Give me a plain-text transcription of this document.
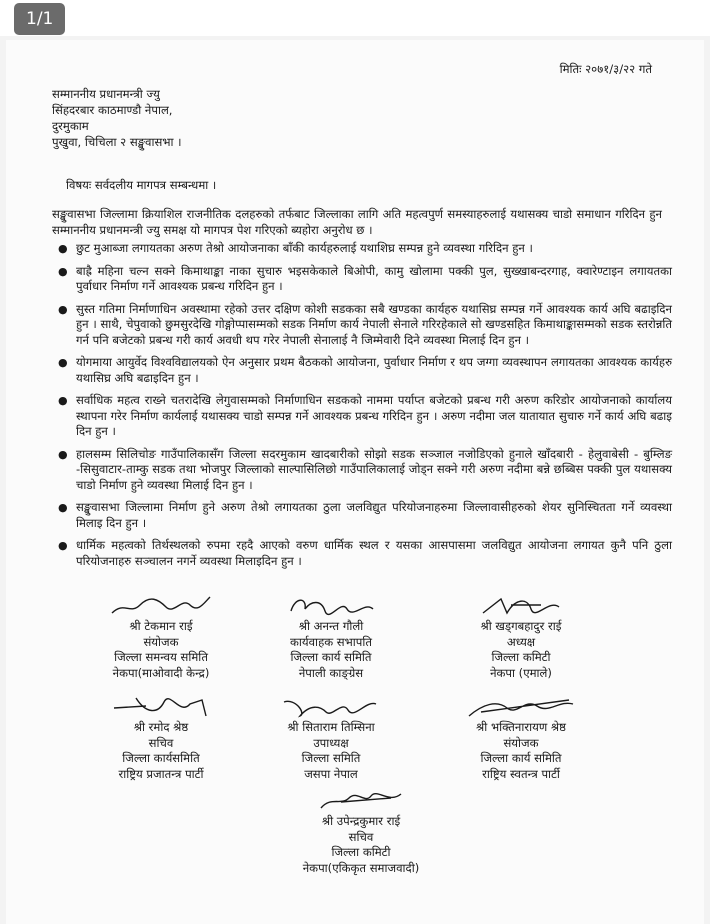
1/1
मितिः २०७१/३/२२ गते
सम्माननीय प्रधानमन्त्री ज्यु
सिंहदरबार काठमाण्डौ नेपाल,
दुरमुकाम
पुखुवा, चिचिला २ सङ्खुवासभा ।
विषयः सर्वदलीय मागपत्र सम्बन्धमा ।
सङ्खुवासभा जिल्लामा क्रियाशिल राजनीतिक दलहरुको तर्फबाट जिल्लाका लागि अति महत्वपुर्ण समस्याहरुलाई यथासक्य चाडो समाधान गरिदिन हुन सम्माननीय प्रधानमन्त्री ज्यु समक्ष यो मागपत्र पेश गरिएको ब्यहोरा अनुरोध छ ।
● छुट मुआब्जा लगायतका अरुण तेश्रो आयोजनाका बाँकी कार्यहरुलाई यथाशिघ्र सम्पन्न हुने व्यवस्था गरिदिन हुन ।
● बाह्रै महिना चल्न सक्ने किमाथाङ्का नाका सुचारु भइसकेकाले बिओपी, कामु खोलामा पक्की पुल, सुख्खाबन्दरगाह, क्वारेण्टाइन लगायतका पुर्वाधार निर्माण गर्ने आवश्यक प्रबन्ध गरिदिन हुन ।
● सुस्त गतिमा निर्माणाधिन अवस्थामा रहेको उत्तर दक्षिण कोशी सडकका सबै खण्डका कार्यहरु यथासिघ्र सम्पन्न गर्ने आवश्यक कार्य अघि बढाइदिन हुन । साथै, चेपुवाको छुमसुरदेखि गोङ्गोप्पासम्मको सडक निर्माण कार्य नेपाली सेनाले गरिरहेकाले सो खण्डसहित किमाथाङ्कासम्मको सडक स्तरोन्नति गर्न पनि बजेटको प्रबन्ध गरी कार्य अवधी थप गरेर नेपाली सेनालाई नै जिम्मेवारी दिने व्यवस्था मिलाई दिन हुन ।
● योगमाया आयुर्वेद विश्वविद्यालयको ऐन अनुसार प्रथम बैठकको आयोजना, पुर्वाधार निर्माण र थप जग्गा व्यवस्थापन लगायतका आवश्यक कार्यहरु यथासिघ्र अघि बढाइदिन हुन ।
● सर्वाधिक महत्व राख्ने चतरादेखि लेगुवासम्मको निर्माणाधिन सडकको नाममा पर्याप्त बजेटको प्रबन्ध गरी अरुण करिडोर आयोजनाको कार्यालय स्थापना गरेर निर्माण कार्यलाई यथासक्य चाडो सम्पन्न गर्ने आवश्यक प्रबन्ध गरिदिन हुन । अरुण नदीमा जल यातायात सुचारु गर्ने कार्य अघि बढाइ दिन हुन ।
● हालसम्म सिलिचोङ गाउँपालिकासँग जिल्ला सदरमुकाम खादबारीको सोझो सडक सञ्जाल नजोडिएको हुनाले खाँदबारी - हेलुवाबेसी - बुम्लिङ -सिसुवाटार-ताम्कु सडक तथा भोजपुर जिल्लाको साल्पासिलिछो गाउँपालिकालाई जोड्न सक्ने गरी अरुण नदीमा बन्ने छब्बिस पक्की पुल यथासक्य चाडो निर्माण हुने व्यवस्था मिलाई दिन हुन ।
● सङ्खुवासभा जिल्लामा निर्माण हुने अरुण तेश्रो लगायतका ठुला जलविद्युत परियोजनाहरुमा जिल्लावासीहरुको शेयर सुनिस्चितता गर्ने व्यवस्था मिलाइ दिन हुन ।
● धार्मिक महत्वको तिर्थस्थलको रुपमा रहदै आएको वरुण धार्मिक स्थल र यसका आसपासमा जलविद्युत आयोजना लगायत कुनै पनि ठुला परियोजनाहरु सञ्चालन नगर्ने व्यवस्था मिलाइदिन हुन ।
श्री टेकमान राई
संयोजक
जिल्ला समन्वय समिति
नेकपा(माओवादी केन्द्र)
श्री अनन्त गौली
कार्यवाहक सभापति
जिल्ला कार्य समिति
नेपाली काङ्ग्रेस
श्री खड्गबहादुर राई
अध्यक्ष
जिल्ला कमिटी
नेकपा (एमाले)
श्री रमोद श्रेष्ठ
सचिव
जिल्ला कार्यसमिति
राष्ट्रिय प्रजातन्त्र पार्टी
श्री सिताराम तिम्सिना
उपाध्यक्ष
जिल्ला समिति
जसपा नेपाल
श्री भक्तिनारायण श्रेष्ठ
संयोजक
जिल्ला कार्य समिति
राष्ट्रिय स्वतन्त्र पार्टी
श्री उपेन्द्रकुमार राई
सचिव
जिल्ला कमिटी
नेकपा(एकिकृत समाजवादी)
